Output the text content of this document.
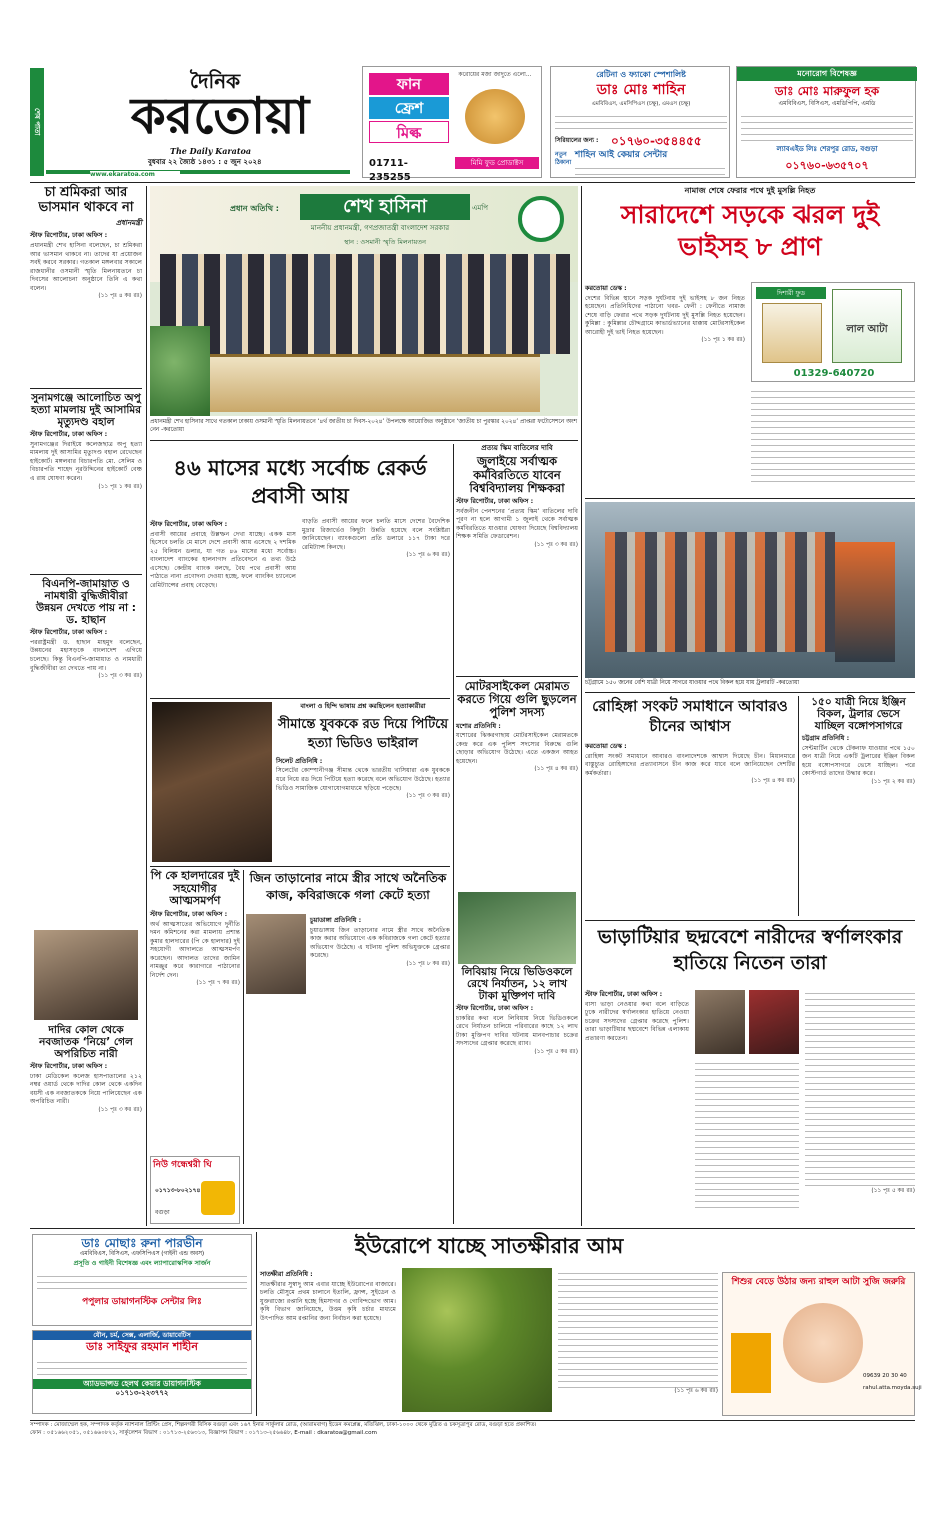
শেষ পাতা
দৈনিক
করতোয়া
The Daily Karatoa
বুধবার ২২ জ্যৈষ্ঠ ১৪৩১ : ৫ জুন ২০২৪
www.ekaratoa.com
ফান
ফ্রেশ
মিল্ক
করোয়ের মজা জাদুতে এলো...
01711-235255
মিমি ফুড প্রোডাক্টস
রেটিনা ও ফ্যাকো স্পেশালিষ্ট
ডাঃ মোঃ শাহিন
এমবিবিএস, এমসিপিএস (চক্ষু), এমএস (চক্ষু)
সিরিয়ালের জন্য :	০১৭৬০-৩৫৪৪৫৫
নতুন ঠিকানা
শাহিন আই কেয়ার সেন্টার
মনোরোগ বিশেষজ্ঞ
ডাঃ মোঃ মারুফুল হক
এমবিবিএস, বিসিএস, এমডিপিপি, এমডি
ল্যাবএইড লিঃ শেরপুর রোড, বগুড়া
০১৭৬০-৬৩৫৭০৭
চা শ্রমিকরা আর ভাসমান থাকবে না
প্রধানমন্ত্রী
স্টাফ রিপোর্টার, ঢাকা অফিস :
প্রধানমন্ত্রী শেখ হাসিনা বলেছেন, চা শ্রমিকরা আর ভাসমান থাকবে না। তাদের যা প্রয়োজন সবই করবে সরকার। গতকাল মঙ্গলবার সকালে রাজধানীর ওসমানী স্মৃতি মিলনায়তনে চা দিবসের আলোচনা অনুষ্ঠানে তিনি এ কথা বলেন।
(১১ পৃঃ ৪ কঃ রঃ)
সুনামগঞ্জে আলোচিত অপু হত্যা মামলায় দুই আসামির মৃত্যুদণ্ড বহাল
স্টাফ রিপোর্টার, ঢাকা অফিস :
সুনামগঞ্জের দিরাইয়ে কলেজছাত্র অপু হত্যা মামলায় দুই আসামির মৃত্যুদণ্ড বহাল রেখেছেন হাইকোর্ট। মঙ্গলবার বিচারপতি মো. সেলিম ও বিচারপতি শাহেদ নূরউদ্দিনের হাইকোর্ট বেঞ্চ এ রায় ঘোষণা করেন।
(১১ পৃঃ ১ কঃ রঃ)
বিএনপি-জামায়াত ও নামধারী বুদ্ধিজীবীরা উন্নয়ন দেখতে পায় না : ড. হাছান
স্টাফ রিপোর্টার, ঢাকা অফিস :
পররাষ্ট্রমন্ত্রী ড. হাছান মাহমুদ বলেছেন, উন্নয়নের মহাসড়কে বাংলাদেশ এগিয়ে চলেছে। কিন্তু বিএনপি-জামায়াত ও নামধারী বুদ্ধিজীবীরা তা দেখতে পায় না।
(১১ পৃঃ ৩ কঃ রঃ)
দাদির কোল থেকে নবজাতক ‘নিয়ে’ গেল অপরিচিত নারী
স্টাফ রিপোর্টার, ঢাকা অফিস :
ঢাকা মেডিকেল কলেজ হাসপাতালের ২১২ নম্বর ওয়ার্ড থেকে দাদির কোল থেকে একদিন বয়সী এক নবজাতককে নিয়ে পালিয়েছেন এক অপরিচিত নারী।
(১১ পৃঃ ৩ কঃ রঃ)
প্রধান অতিথি :	শেখ হাসিনা	এমপি
মাননীয় প্রধানমন্ত্রী, গণপ্রজাতন্ত্রী বাংলাদেশ সরকার
স্থান : ওসমানী স্মৃতি মিলনায়তন
প্রধানমন্ত্রী শেখ হাসিনার সাথে গতকাল ঢাকায় ওসমানী স্মৃতি মিলনায়তনে ‘৪র্থ জাতীয় চা দিবস-২০২৪’ উপলক্ষে আয়োজিত অনুষ্ঠানে ‘জাতীয় চা পুরস্কার ২০২৪’ প্রাপ্তরা ফটোসেশনে অংশ নেন -করতোয়া
৪৬ মাসের মধ্যে সর্বোচ্চ রেকর্ড প্রবাসী আয়
স্টাফ রিপোর্টার, ঢাকা অফিস :
প্রবাসী আয়ের প্রবাহে উল্লম্ফন দেখা যাচ্ছে। একক মাস হিসেবে চলতি মে মাসে দেশে প্রবাসী আয় এসেছে ২ দশমিক ২৫ বিলিয়ন ডলার, যা গত ৪৬ মাসের মধ্যে সর্বোচ্চ। বাংলাদেশ ব্যাংকের হালনাগাদ প্রতিবেদনে এ তথ্য উঠে এসেছে। কেন্দ্রীয় ব্যাংক বলছে, বৈধ পথে প্রবাসী আয় পাঠাতে নানা প্রণোদনা দেওয়া হচ্ছে, ফলে ব্যাংকিং চ্যানেলে রেমিট্যান্সের প্রবাহ বেড়েছে।
বাড়তি প্রবাসী আয়ের ফলে চলতি মাসে দেশের বৈদেশিক মুদ্রার রিজার্ভেও কিছুটা উন্নতি হয়েছে বলে সংশ্লিষ্টরা জানিয়েছেন। ব্যাংকগুলো প্রতি ডলারে ১১৭ টাকা দরে রেমিট্যান্স কিনছে।
(১১ পৃঃ ৬ কঃ রঃ)
প্রত্যয় স্কিম বাতিলের দাবি
জুলাইয়ে সর্বাত্মক কর্মবিরতিতে যাবেন বিশ্ববিদ্যালয় শিক্ষকরা
স্টাফ রিপোর্টার, ঢাকা অফিস :
সর্বজনীন পেনশনের ‘প্রত্যয় স্কিম’ বাতিলের দাবি পূরণ না হলে আগামী ১ জুলাই থেকে সর্বাত্মক কর্মবিরতিতে যাওয়ার ঘোষণা দিয়েছে বিশ্ববিদ্যালয় শিক্ষক সমিতি ফেডারেশন।
(১১ পৃঃ ৩ কঃ রঃ)
মোটরসাইকেল মেরামত করতে গিয়ে গুলি ছুড়লেন পুলিশ সদস্য
যশোর প্রতিনিধি :
যশোরের ঝিকরগাছায় মোটরসাইকেল মেরামতকে কেন্দ্র করে এক পুলিশ সদস্যের বিরুদ্ধে গুলি ছোড়ার অভিযোগ উঠেছে। এতে একজন আহত হয়েছেন।
(১১ পৃঃ ৪ কঃ রঃ)
বাংলা ও হিন্দি ভাষায় প্রশ্ন করছিলেন হত্যাকারীরা
সীমান্তে যুবককে রড দিয়ে পিটিয়ে হত্যা ভিডিও ভাইরাল
সিলেট প্রতিনিধি :
সিলেটের কোম্পানীগঞ্জ সীমান্ত থেকে ভারতীয় খাসিয়ারা এক যুবককে ধরে নিয়ে রড দিয়ে পিটিয়ে হত্যা করেছে বলে অভিযোগ উঠেছে। হত্যার ভিডিও সামাজিক যোগাযোগমাধ্যমে ছড়িয়ে পড়েছে।
(১১ পৃঃ ৩ কঃ রঃ)
পি কে হালদারের দুই সহযোগীর আত্মসমর্পণ
স্টাফ রিপোর্টার, ঢাকা অফিস :
অর্থ আত্মসাতের অভিযোগে দুর্নীতি দমন কমিশনের করা মামলায় প্রশান্ত কুমার হালদারের (পি কে হালদার) দুই সহযোগী আদালতে আত্মসমর্পণ করেছেন। আদালত তাদের জামিন নামঞ্জুর করে কারাগারে পাঠানোর নির্দেশ দেন।
(১১ পৃঃ ৭ কঃ রঃ)
জিন তাড়ানোর নামে স্ত্রীর সাথে অনৈতিক কাজ, কবিরাজকে গলা কেটে হত্যা
চুয়াডাঙ্গা প্রতিনিধি :
চুয়াডাঙ্গায় জিন তাড়ানোর নামে স্ত্রীর সাথে অনৈতিক কাজ করার অভিযোগে এক কবিরাজকে গলা কেটে হত্যার অভিযোগ উঠেছে। এ ঘটনায় পুলিশ অভিযুক্তকে গ্রেপ্তার করেছে।
(১১ পৃঃ ৮ কঃ রঃ)
নিউ গন্ধেশ্বরী ঘি
০১৭১৩-৮০২১৭৪
বগুড়া
লিবিয়ায় নিয়ে ভিডিওকলে রেখে নির্যাতন, ১২ লাখ টাকা মুক্তিপণ দাবি
স্টাফ রিপোর্টার, ঢাকা অফিস :
চাকরির কথা বলে লিবিয়ায় নিয়ে ভিডিওকলে রেখে নির্যাতন চালিয়ে পরিবারের কাছে ১২ লাখ টাকা মুক্তিপণ দাবির ঘটনায় মানবপাচার চক্রের সদস্যদের গ্রেপ্তার করেছে র‌্যাব।
(১১ পৃঃ ৫ কঃ রঃ)
নামাজ শেষে ফেরার পথে দুই মুসল্লি নিহত
সারাদেশে সড়কে ঝরল দুই ভাইসহ ৮ প্রাণ
করতোয়া ডেস্ক :
দেশের বিভিন্ন স্থানে সড়ক দুর্ঘটনায় দুই ভাইসহ ৮ জন নিহত হয়েছেন। প্রতিনিধিদের পাঠানো খবর- ফেনী : ফেনীতে নামাজ শেষে বাড়ি ফেরার পথে সড়ক দুর্ঘটনায় দুই মুসল্লি নিহত হয়েছেন। কুমিল্লা : কুমিল্লার চৌদ্দগ্রামে কাভার্ডভ্যানের ধাক্কায় মোটরসাইকেল আরোহী দুই ভাই নিহত হয়েছেন।
(১১ পৃঃ ১ কঃ রঃ)
দিশারী ফুড
লাল আটা
01329-640720
চট্টগ্রামে ১৫০ জনের বেশি যাত্রী নিয়ে সাগরে যাওয়ার পথে বিকল হয়ে যায় ট্রলারটি -করতোয়া
রোহিঙ্গা সংকট সমাধানে আবারও চীনের আশ্বাস
করতোয়া ডেস্ক :
রোহিঙ্গা সংকট সমাধানে আবারও বাংলাদেশকে আশ্বাস দিয়েছে চীন। মিয়ানমারে বাস্তুচ্যুত রোহিঙ্গাদের প্রত্যাবাসনে চীন কাজ করে যাবে বলে জানিয়েছেন দেশটির কর্মকর্তারা।
(১১ পৃঃ ৪ কঃ রঃ)
১৫০ যাত্রী নিয়ে ইঞ্জিন বিকল, ট্রলার ভেসে যাচ্ছিল বঙ্গোপসাগরে
চট্টগ্রাম প্রতিনিধি :
সেন্টমার্টিন থেকে টেকনাফ যাওয়ার পথে ১৫০ জন যাত্রী নিয়ে একটি ট্রলারের ইঞ্জিন বিকল হয়ে বঙ্গোপসাগরে ভেসে যাচ্ছিল। পরে কোস্টগার্ড তাদের উদ্ধার করে।
(১১ পৃঃ ২ কঃ রঃ)
ভাড়াটিয়ার ছদ্মবেশে নারীদের স্বর্ণালংকার হাতিয়ে নিতেন তারা
স্টাফ রিপোর্টার, ঢাকা অফিস :
বাসা ভাড়া নেওয়ার কথা বলে বাড়িতে ঢুকে নারীদের স্বর্ণালংকার হাতিয়ে নেওয়া চক্রের সদস্যদের গ্রেপ্তার করেছে পুলিশ। তারা ভাড়াটিয়ার ছদ্মবেশে বিভিন্ন এলাকায় প্রতারণা করতেন।
(১১ পৃঃ ৫ কঃ রঃ)
ডাঃ মোছাঃ রুনা পারভীন
এমবিবিএস, বিসিএস, এফসিপিএস (গাইনী এন্ড অবস)
প্রসূতি ও গাইনী বিশেষজ্ঞ এবং ল্যাপারোস্কপিক সার্জন
পপুলার ডায়াগনস্টিক সেন্টার লিঃ
যৌন, চর্ম, সেক্স, এলার্জি, ডায়াবেটিস
ডাঃ সাইফুর রহমান শাহীন
অ্যাডভান্সড হেলথ কেয়ার ডায়াগনস্টিক
০১৭১৩-২২৩৭৭২
ইউরোপে যাচ্ছে সাতক্ষীরার আম
সাতক্ষীরা প্রতিনিধি :
সাতক্ষীরার সুস্বাদু আম এবার যাচ্ছে ইউরোপের বাজারে। চলতি মৌসুমে প্রথম চালানে ইতালি, ফ্রান্স, সুইডেন ও যুক্তরাজ্যে রপ্তানি হচ্ছে হিমসাগর ও গোবিন্দভোগ আম। কৃষি বিভাগ জানিয়েছে, উত্তম কৃষি চর্চার মাধ্যমে উৎপাদিত আম রপ্তানির জন্য নির্বাচন করা হয়েছে।
(১১ পৃঃ ৬ কঃ রঃ)
শিশুর বেড়ে উঠার জন্য রাহুল আটা সুজি জরুরি
09639 20 30 40
rahul.atta.moyda.suji
সম্পাদক : মোজাম্মেল হক, সম্পাদক কর্তৃক ন্যাশনাল প্রিন্টিং প্রেস, শিল্পনগরী বিসিক বগুড়া এবং ১৬৭ ইনার সার্কুলার রোড, (আরামবাগ) ইডেন কমপ্লেক্স, মতিঝিল, ঢাকা-১০০০ থেকে মুদ্রিত ও চকসূত্রাপুর রোড, বগুড়া হতে প্রকাশিত।
ফোন : ০৫১৬৬২০৫১, ০৫১৬৬০৮২১, সার্কুলেশন বিভাগ : ০১৭১৩-২৫৬৩১৩, বিজ্ঞাপন বিভাগ : ০১৭১৩-২৫৬৬৪৮, E-mail : dkaratoa@gmail.com
